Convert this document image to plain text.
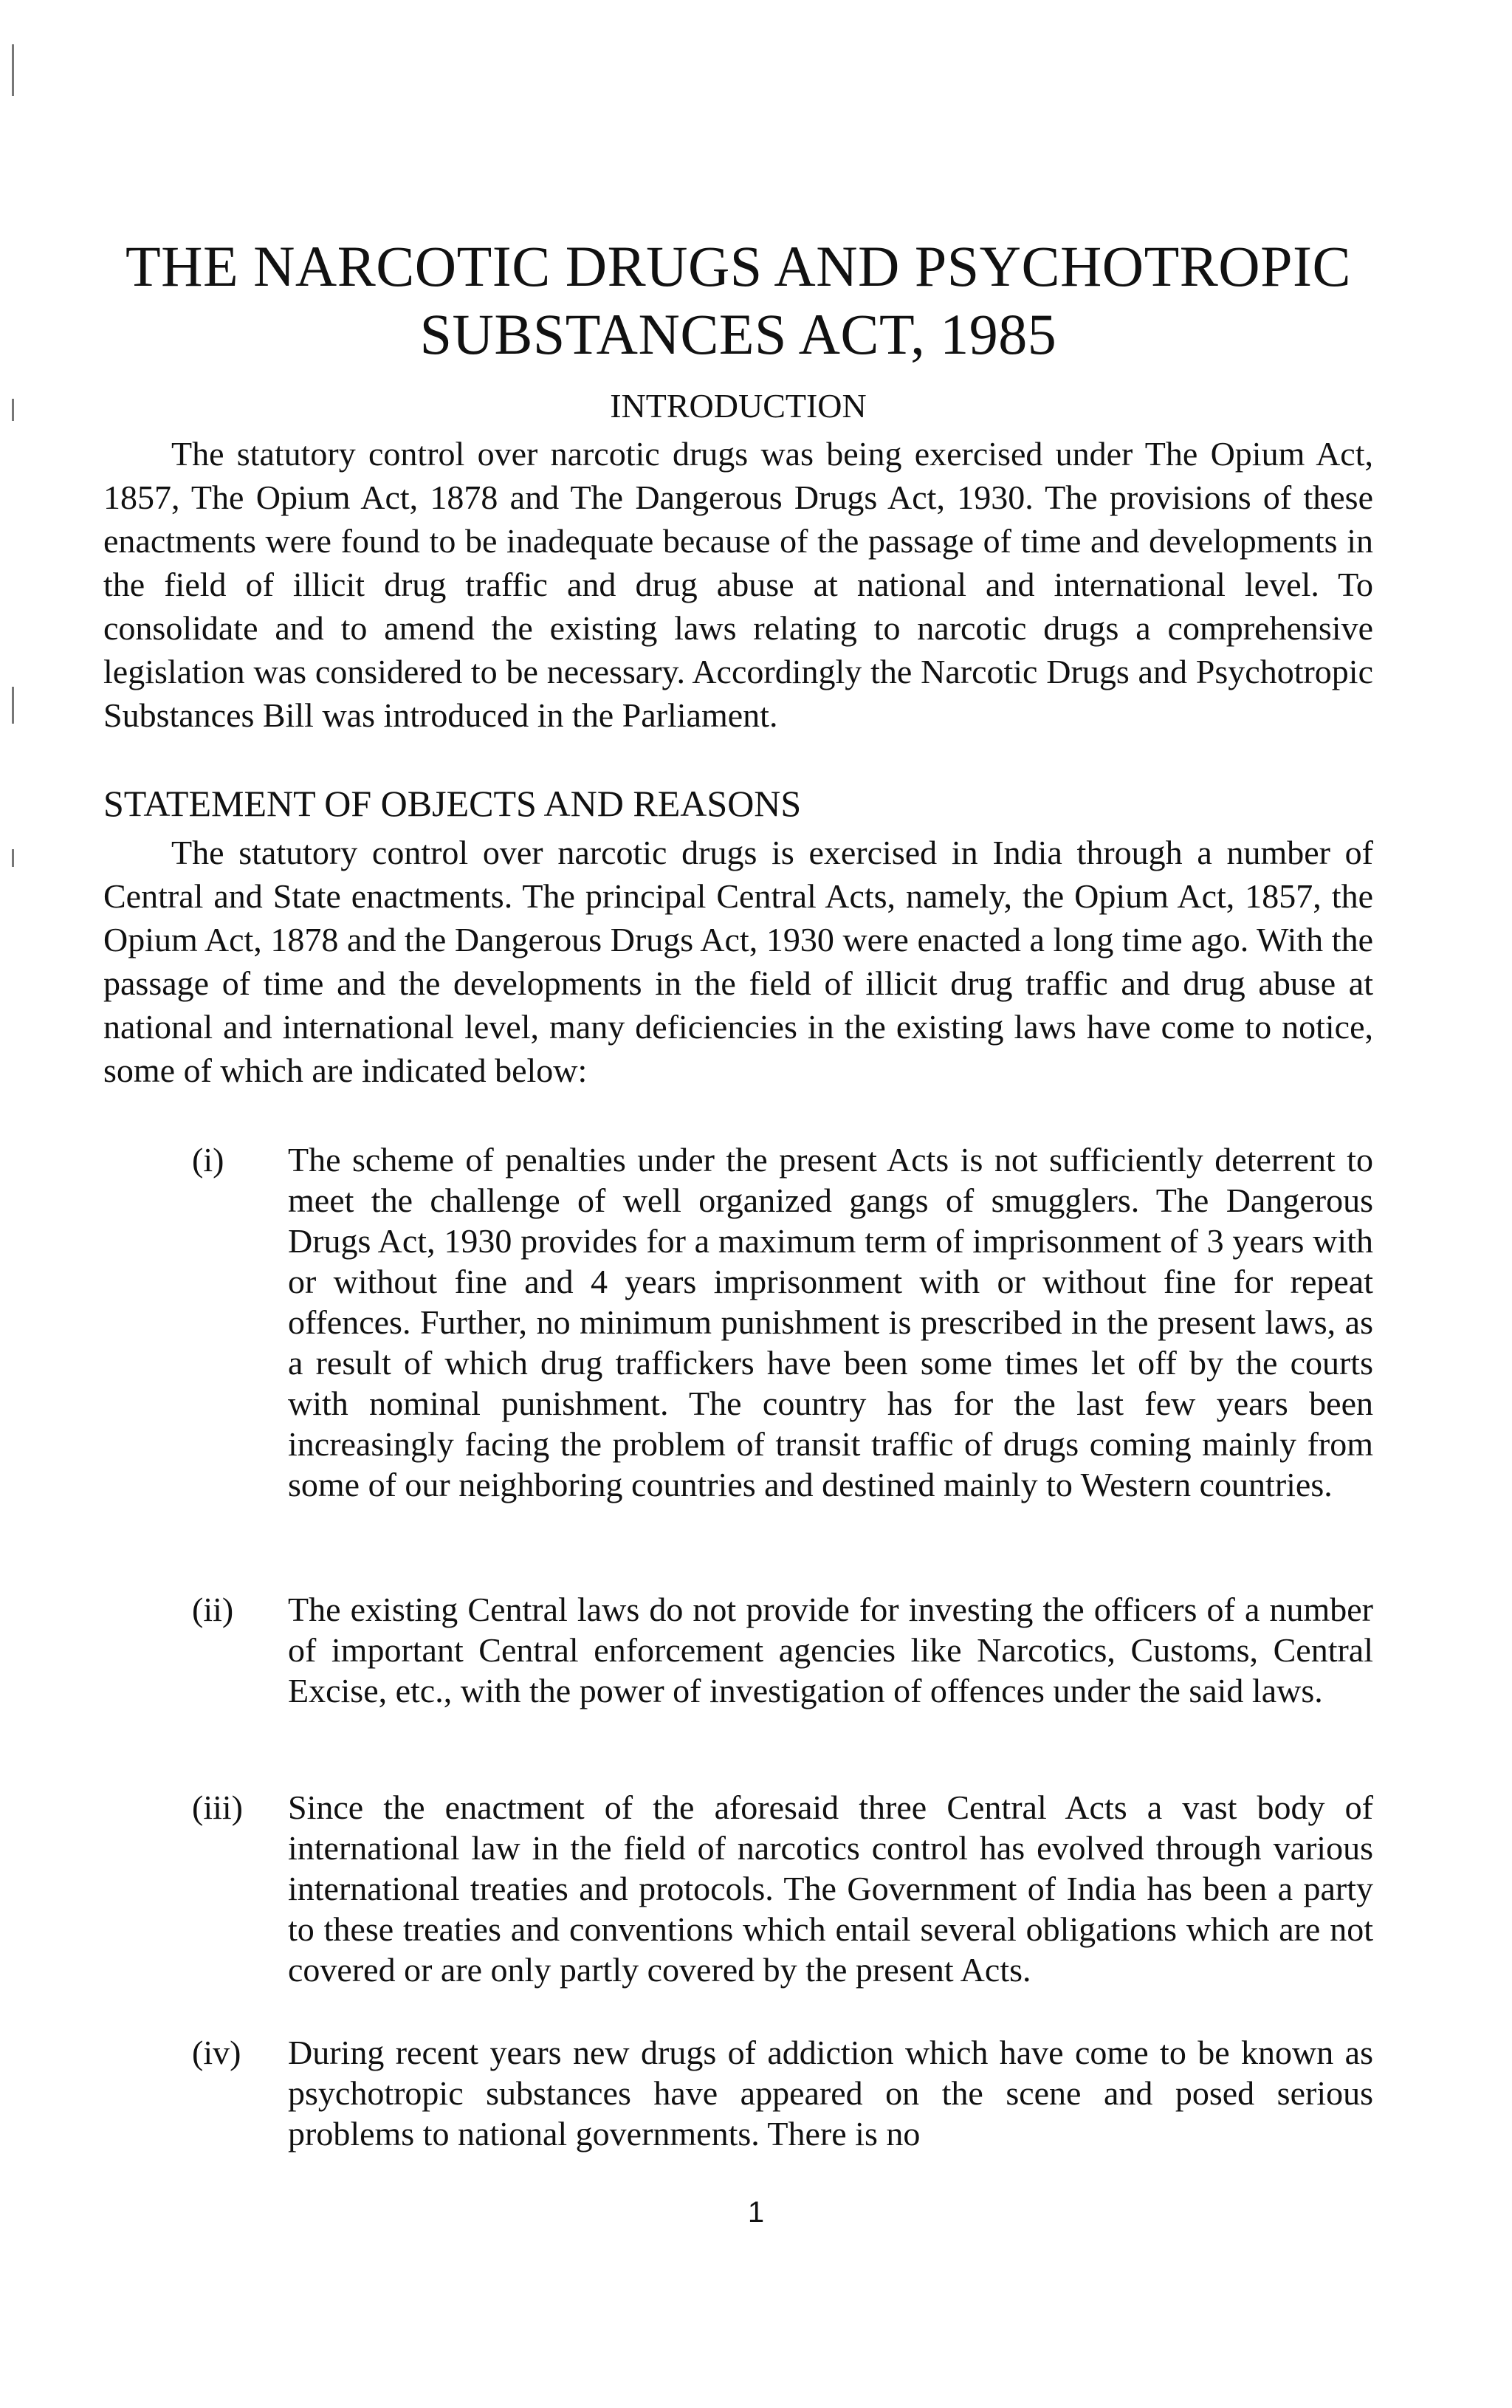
THE NARCOTIC DRUGS AND PSYCHOTROPIC
SUBSTANCES ACT, 1985
INTRODUCTION

The statutory control over narcotic drugs was being exercised under The Opium Act, 1857, The Opium Act, 1878 and The Dangerous Drugs Act, 1930. The provisions of these enactments were found to be inadequate because of the passage of time and developments in the field of illicit drug traffic and drug abuse at national and international level. To consolidate and to amend the existing laws relating to narcotic drugs a comprehensive legislation was considered to be necessary. Accordingly the Narcotic Drugs and Psychotropic Substances Bill was introduced in the Parliament.

STATEMENT OF OBJECTS AND REASONS

The statutory control over narcotic drugs is exercised in India through a number of Central and State enactments. The principal Central Acts, namely, the Opium Act, 1857, the Opium Act, 1878 and the Dangerous Drugs Act, 1930 were enacted a long time ago. With the passage of time and the developments in the field of illicit drug traffic and drug abuse at national and international level, many deficiencies in the existing laws have come to notice, some of which are indicated below:

(i)	The scheme of penalties under the present Acts is not sufficiently deterrent to meet the challenge of well organized gangs of smugglers. The Dangerous Drugs Act, 1930 provides for a maximum term of imprisonment of 3 years with or without fine and 4 years imprisonment with or without fine for repeat offences. Further, no minimum punishment is prescribed in the present laws, as a result of which drug traffickers have been some times let off by the courts with nominal punishment. The country has for the last few years been increasingly facing the problem of transit traffic of drugs coming mainly from some of our neighboring countries and destined mainly to Western countries.

(ii)	The existing Central laws do not provide for investing the officers of a number of important Central enforcement agencies like Narcotics, Customs, Central Excise, etc., with the power of investigation of offences under the said laws.

(iii)	Since the enactment of the aforesaid three Central Acts a vast body of international law in the field of narcotics control has evolved through various international treaties and protocols. The Government of India has been a party to these treaties and conventions which entail several obligations which are not covered or are only partly covered by the present Acts.

(iv)	During recent years new drugs of addiction which have come to be known as psychotropic substances have appeared on the scene and posed serious problems to national governments. There is no

1
